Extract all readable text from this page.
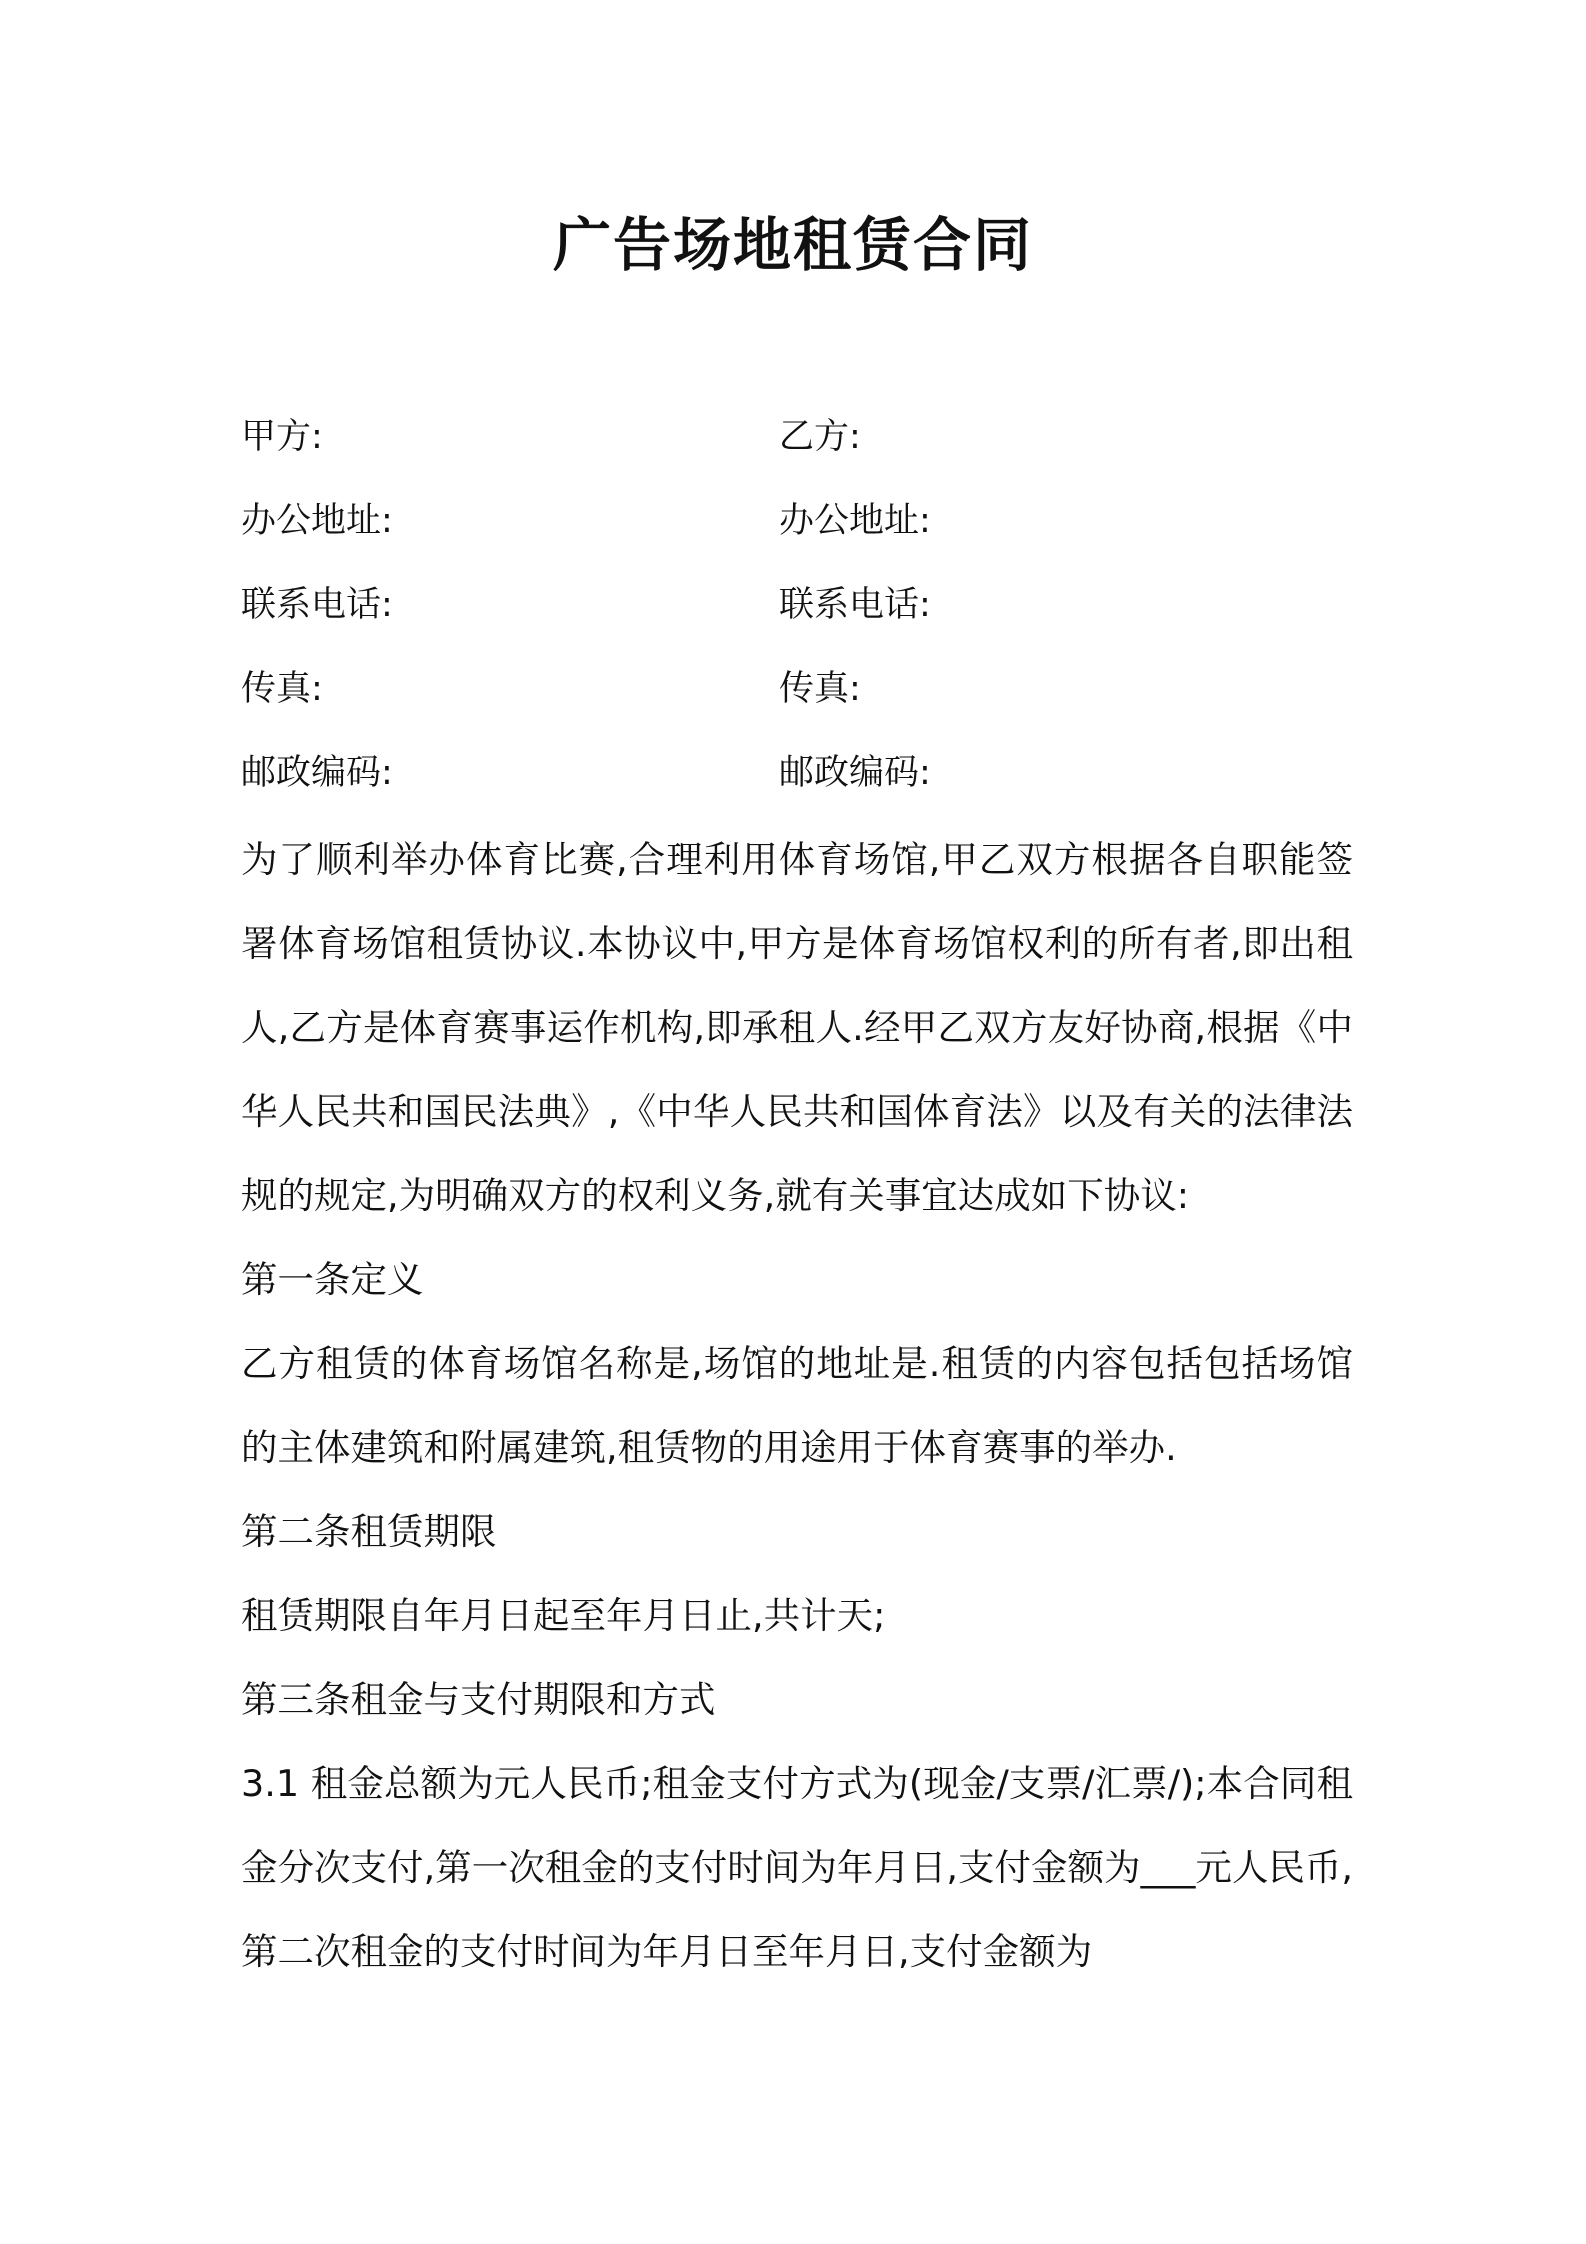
广告场地租赁合同
甲方:	乙方:
办公地址:	办公地址:
联系电话:	联系电话:
传真:	传真:
邮政编码:	邮政编码:

为了顺利举办体育比赛,合理利用体育场馆,甲乙双方根据各自职能签署体育场馆租赁协议.本协议中,甲方是体育场馆权利的所有者,即出租人,乙方是体育赛事运作机构,即承租人.经甲乙双方友好协商,根据《中华人民共和国民法典》,《中华人民共和国体育法》以及有关的法律法规的规定,为明确双方的权利义务,就有关事宜达成如下协议:

第一条定义

乙方租赁的体育场馆名称是,场馆的地址是.租赁的内容包括包括场馆的主体建筑和附属建筑,租赁物的用途用于体育赛事的举办.

第二条租赁期限

租赁期限自年月日起至年月日止,共计天;

第三条租金与支付期限和方式

3.1 租金总额为元人民币;租金支付方式为(现金/支票/汇票/);本合同租金分次支付,第一次租金的支付时间为年月日,支付金额为___元人民币,第二次租金的支付时间为年月日至年月日,支付金额为
